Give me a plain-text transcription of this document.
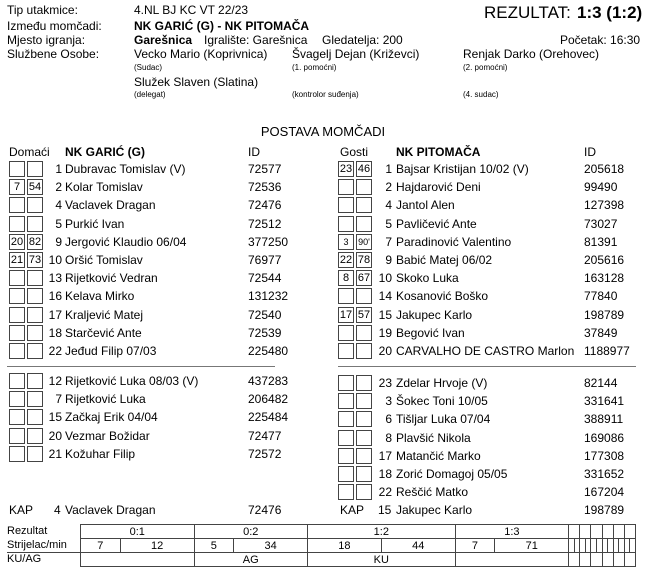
Tip utakmice:	4.NL BJ KC VT 22/23	REZULTAT: 1:3 (1:2)
Između momčadi:	NK GARIĆ (G) - NK PITOMAČA
Mjesto igranja:	Garešnica Igralište: Garešnica Gledatelja: 200	Početak: 16:30
Službene Osobe:	Vecko Mario (Koprivnica)
(Sudac)
Švagelj Dejan (Križevci)
(1. pomoćni)
Renjak Darko (Orehovec)
(2. pomoćni)
Služek Slaven (Slatina)
(delegat)	(kontrolor suđenja)	(4. sudac)
POSTAVA MOMČADI
Domaći NK GARIĆ (G)	ID	Gosti NK PITOMAČA	ID
1 Dubravac Tomislav (V)	72577
7 54	2 Kolar Tomislav	72536
4 Vaclavek Dragan	72476
5 Purkić Ivan	72512
20 82	9 Jergović Klaudio 06/04	377250
21 73 10 Oršić Tomislav	76977
13 Rijetković Vedran	72544
16 Kelava Mirko	131232
17 Kraljević Matej	72540
18 Starčević Ante	72539
22 Jeđud Filip 07/03	225480
12 Rijetković Luka 08/03 (V)	437283
7 Rijetković Luka	206482
15 Začkaj Erik 04/04	225484
20 Vezmar Božidar	72477
21 Kožuhar Filip	72572
23 46	1 Bajsar Kristijan 10/02 (V)	205618
2 Hajdarović Deni	99490
4 Jantol Alen	127398
5 Pavličević Ante	73027
3	90'	7 Paradinović Valentino	81391
22 78	9 Babić Matej 06/02	205616
8 67 10 Skoko Luka	163128
14 Kosanović Boško	77840
17 57 15 Jakupec Karlo	198789
19 Begović Ivan	37849
20 CARVALHO DE CASTRO Marlon 1188977
23 Zdelar Hrvoje (V)	82144
3 Šokec Toni 10/05	331641
6 Tišljar Luka 07/04	388911
8 Plavšić Nikola	169086
17 Matančić Marko	177308
18 Zorić Domagoj 05/05	331652
22 Reščić Matko	167204
KAP 4 Vaclavek Dragan	72476	KAP 15 Jakupec Karlo	198789
Rezultat
Strijelac/min
KU/AG
0:1		0:2		1:2		1:3													
7	12	5	34	18	44	7	71												
		AG		KU															
